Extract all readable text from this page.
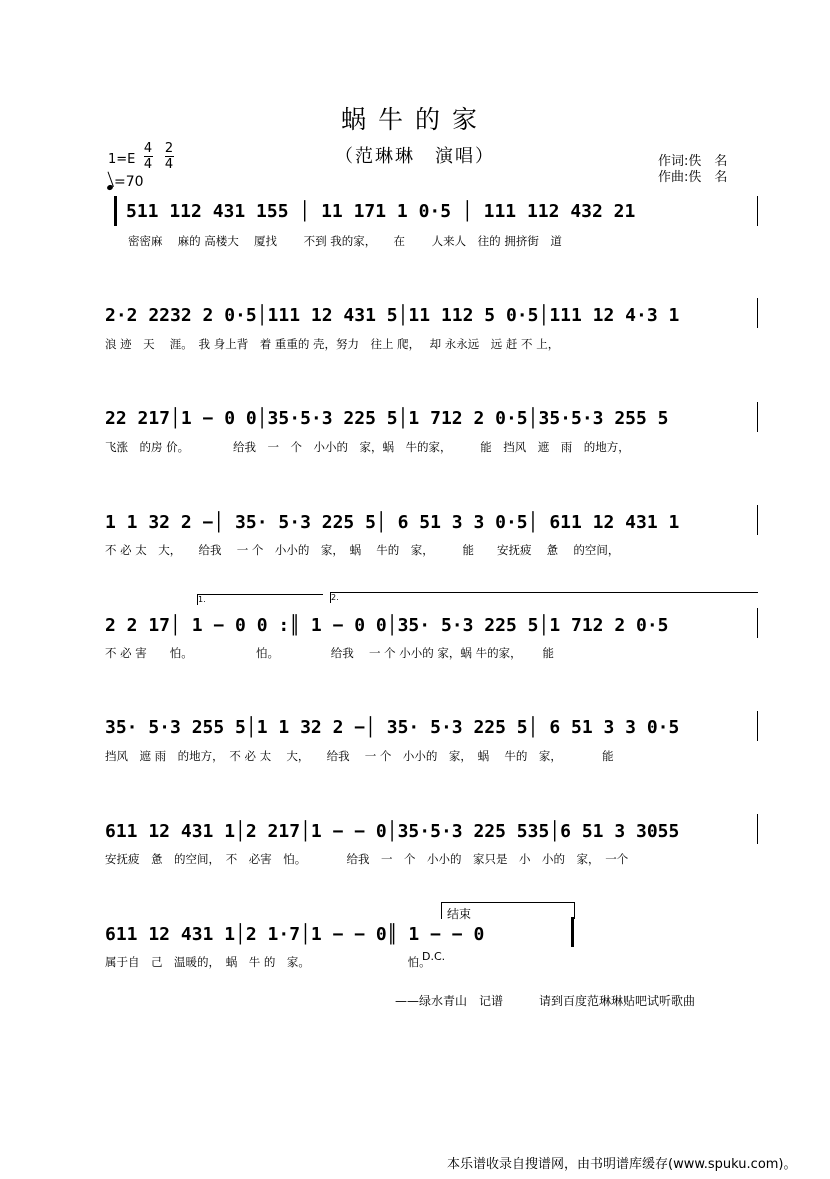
蜗牛的家
（范琳琳　演唱）
1=E
4
4
2
4
=70
作词:佚　名
作曲:佚　名
511 112 431 155 │ 11 171 1 0·5 │ 111 112 432 21
密密麻　 麻的 高楼大 　厦找　 　不到 我的家，　　在　 　人来人　往的 拥挤街　道
2·2 2232 2 0·5│111 12 431 5│11 112 5 0·5│111 12 4·3 1
浪 迹　天　 涯。　我 身上背　着 重重的 壳，努力　往上 爬，　 却 永永远　远 赶 不 上，
22 217│1 − 0 0│35·5·3 225 5│1 712 2 0·5│35·5·3 255 5
飞涨　的房 价。　　　　 给我　一　个　小小的　家，蜗　牛的家，　　　能　挡风　遮　雨　的地方，
1 1 32 2 −│ 35· 5·3 225 5│ 6 51 3 3 0·5│ 611 12 431 1
不 必 太　大，　　给我　 一 个　小小的　家，　蜗　 牛的　家，　　　能　　安抚疲　 惫　 的空间，
1.	2.
2 2 17│ 1 − 0 0 :║ 1 − 0 0│35· 5·3 225 5│1 712 2 0·5
不 必 害　　怕。　　　　　　怕。　　　　　给我　 一 个 小小的 家，蜗 牛的家，　　 能
35· 5·3 255 5│1 1 32 2 −│ 35· 5·3 225 5│ 6 51 3 3 0·5
挡风　遮 雨　的地方，　不 必 太　 大，　　给我　 一 个　小小的　家，　蜗　 牛的　家，　　　　能
611 12 431 1│2 217│1 − − 0│35·5·3 225 535│6 51 3 3055
安抚疲　惫　的空间，　不　必害　怕。　　　　给我　一　个　小小的　家只是　小　小的　家，　一个
结束
611 12 431 1│2 1·7│1 − − 0║ 1 − − 0
属于自　己　温暖的，　蜗　牛 的　家。　　　　　　　　　怕。
D.C.
——绿水青山　记谱　　　请到百度范琳琳贴吧试听歌曲
本乐谱收录自搜谱网，由书明谱库缓存(www.spuku.com)。
